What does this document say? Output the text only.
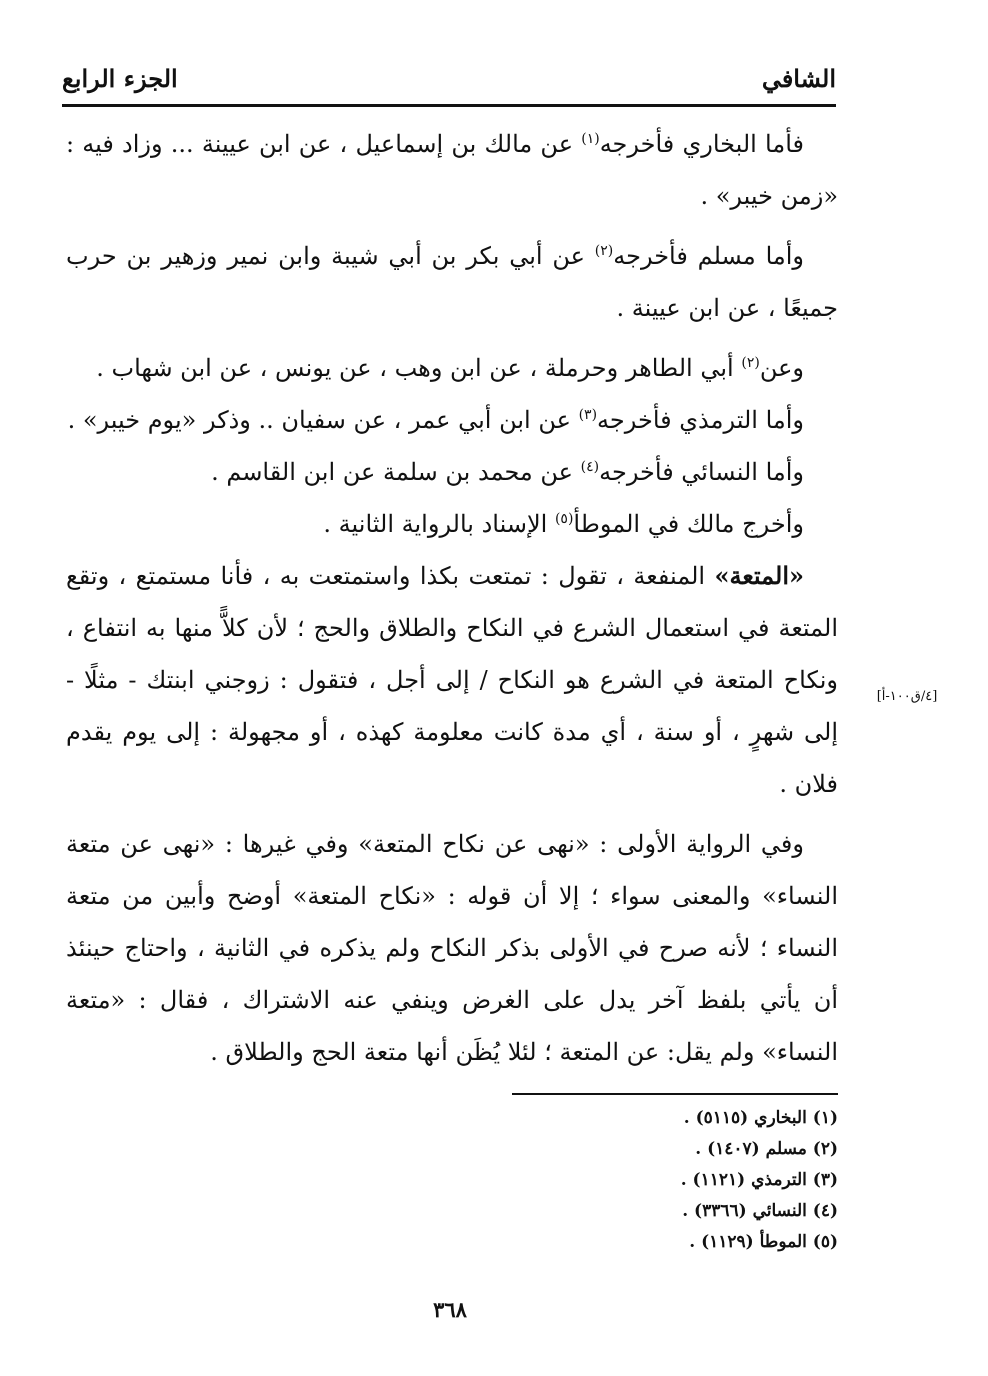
الشافي
الجزء الرابع

فأما البخاري فأخرجه$^{(١)}$ عن مالك بن إسماعيل ، عن ابن عيينة ... وزاد فيه : «زمن خيبر» .

وأما مسلم فأخرجه$^{(٢)}$ عن أبي بكر بن أبي شيبة وابن نمير وزهير بن حرب جميعًا ، عن ابن عيينة .

وعن$^{(٢)}$ أبي الطاهر وحرملة ، عن ابن وهب ، عن يونس ، عن ابن شهاب .

وأما الترمذي فأخرجه$^{(٣)}$ عن ابن أبي عمر ، عن سفيان .. وذكر «يوم خيبر» .

وأما النسائي فأخرجه$^{(٤)}$ عن محمد بن سلمة عن ابن القاسم .

وأخرج مالك في الموطأ$^{(٥)}$ الإسناد بالرواية الثانية .

«المتعة» المنفعة ، تقول : تمتعت بكذا واستمتعت به ، فأنا مستمتع ، وتقع المتعة في استعمال الشرع في النكاح والطلاق والحج ؛ لأن كلاًّ منها به انتفاع ، ونكاح المتعة في الشرع هو النكاح / إلى أجل ، فتقول : زوجني ابنتك - مثلًا - إلى شهرٍ ، أو سنة ، أي مدة كانت معلومة كهذه ، أو مجهولة : إلى يوم يقدم فلان .

وفي الرواية الأولى : «نهى عن نكاح المتعة» وفي غيرها : «نهى عن متعة النساء» والمعنى سواء ؛ إلا أن قوله : «نكاح المتعة» أوضح وأبين من متعة النساء ؛ لأنه صرح في الأولى بذكر النكاح ولم يذكره في الثانية ، واحتاج حينئذ أن يأتي بلفظ آخر يدل على الغرض وينفي عنه الاشتراك ، فقال : «متعة النساء» ولم يقل: عن المتعة ؛ لئلا يُظَن أنها متعة الحج والطلاق .

[٤/ق١٠٠-أ]

(١) البخاري (٥١١٥) .

(٢) مسلم (١٤٠٧) .

(٣) الترمذي (١١٢١) .

(٤) النسائي (٣٣٦٦) .

(٥) الموطأ (١١٢٩) .

٣٦٨
